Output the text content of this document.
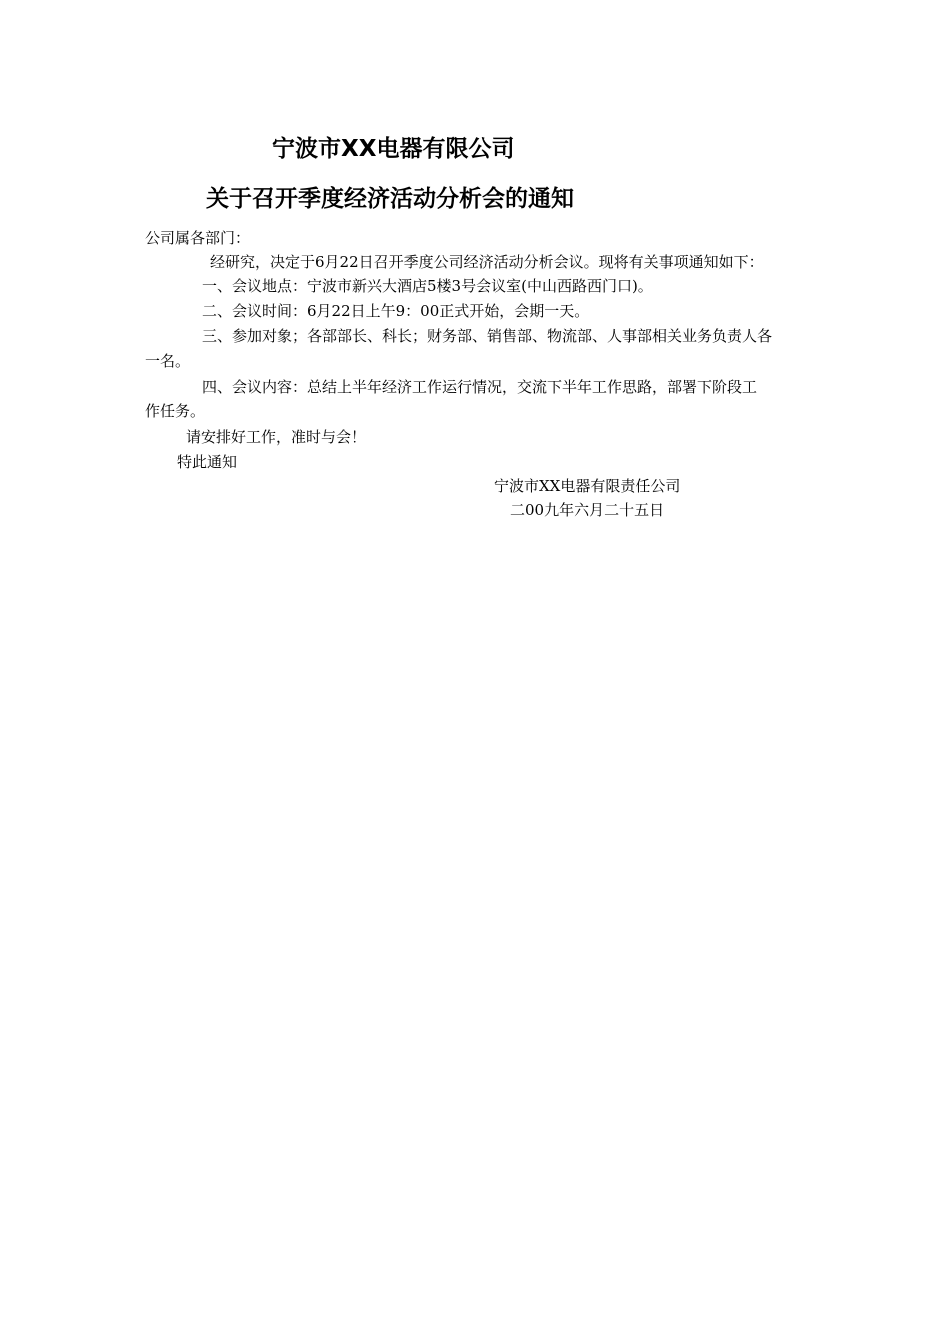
宁波市XX电器有限公司
关于召开季度经济活动分析会的通知
公司属各部门：
经研究，决定于6月22日召开季度公司经济活动分析会议。现将有关事项通知如下：
一、会议地点：宁波市新兴大酒店5楼3号会议室(中山西路西门口)。
二、会议时间：6月22日上午9：00正式开始，会期一天。
三、参加对象；各部部长、科长；财务部、销售部、物流部、人事部相关业务负责人各
一名。
四、会议内容：总结上半年经济工作运行情况，交流下半年工作思路，部署下阶段工
作任务。
请安排好工作，准时与会！
特此通知
宁波市XX电器有限责任公司
二00九年六月二十五日
